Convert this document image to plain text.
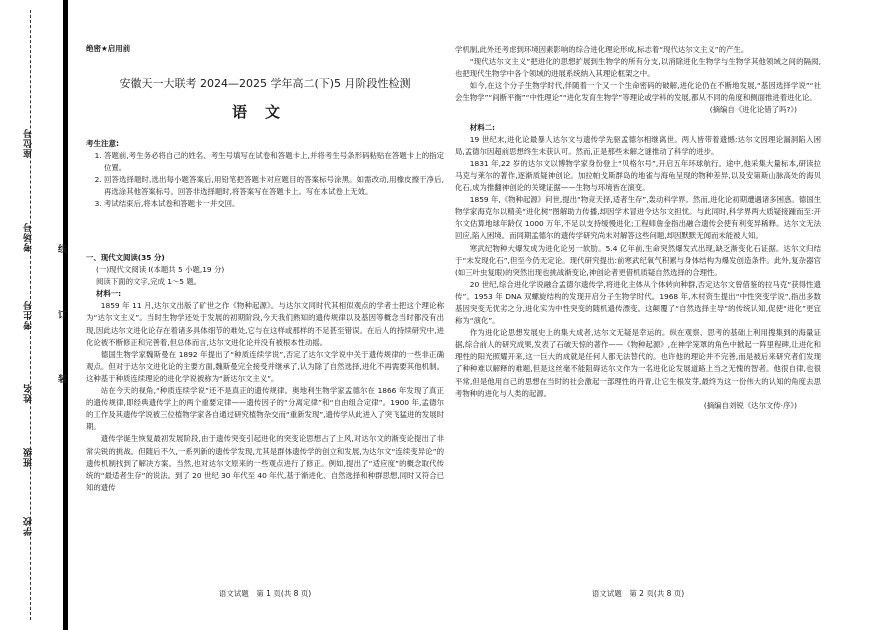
座位号
考场号
考生号
姓名
班级
学校
线
订
装
绝密★启用前
安徽天一大联考 2024—2025 学年高二(下)5 月阶段性检测
语文
考生注意:
1. 答题前,考生务必将自己的姓名、考生号填写在试卷和答题卡上,并将考生号条形码粘贴在答题卡上的指定位置。
2. 回答选择题时,选出每小题答案后,用铅笔把答题卡对应题目的答案标号涂黑。如需改动,用橡皮擦干净后,再选涂其他答案标号。回答非选择题时,将答案写在答题卡上。写在本试卷上无效。
3. 考试结束后,将本试卷和答题卡一并交回。

一、现代文阅读(35 分)

(一)现代文阅读 I(本题共 5 小题,19 分)

阅读下面的文字,完成 1～5 题。

材料一:

1859 年 11 月,达尔文出版了矿世之作《物种起源》。与达尔文同时代其相似观点的学者士把这个理论称为“达尔文主义”。当时生物学还处于发展的初期阶段,今天我们熟知的遗传规律以及基因等概念当时都没有出现,因此达尔文进化论存在着诸多具体细节的难处,它与在这样或那样的不足甚至错误。在后人的持续研究中,进化论被不断修正和完善着,但总体而言,达尔文进化论并没有被根本性动摇。

德国生物学家魏斯曼在 1892 年提出了“种质连续学说”,否定了达尔文学说中关于遗传规律的一些非正确观点。但对于达尔文进化论的主要方面,魏斯曼完全接受并继承了,认为除了自然选择,进化不再需要其他机制。这种基于种质连续理论的进化学说被称为“新达尔文主义”。

站在今天的视角,“种质连续学说”还不是真正的遗传规律。奥地利生物学家孟德尔在 1866 年发现了真正的遗传规律,即经典遗传学上的两个重要定律——遗传因子的“分离定律”和“自由组合定律”。1900 年,孟德尔的工作及其遗传学说被三位植物学家各自通过研究植物杂交而“重新发现”,遗传学从此进入了突飞猛进的发展时期。

遗传学诞生恢复最初发展阶段,由于遗传突变引起进化的突变论思想占了上风,对达尔文的渐变论提出了非常尖锐的挑战。但随后不久,一系列新的遗传学发现,尤其是群体遗传学的创立和发展,为达尔文“连续变异论”的遗传机制找到了解决方案。当然,也对达尔文原来的一些观点进行了修正。例如,提出了“适应度”的概念取代传统的“最适者生存”的说法。到了 20 世纪 30 年代至 40 年代,基于渐进化、自然选择和种群思想,同时又符合已知的遗传

语文试题　第 1 页(共 8 页)

学机制,此外还考虑到环境因素影响的综合进化理论形成,标志着“现代达尔文主义”的产生。

“现代达尔文主义”把进化的思想扩展到生物学的所有分支,以消除进化生物学与生物学其他领域之间的隔阂,也把现代生物学中各个领域的进展系统纳入其理论框架之中。

如今,在这个分子生物学时代,伴随着一个又一个生命密码的破解,进化论仍在不断地发展,“基因选择学说”“社会生物学”“间断平衡”“中性理论”“进化发育生物学”等理论或学科的发展,都从不同的角度和侧面推进着进化论。

(摘编自《进化论错了吗?》)

材料二:

19 世纪末,进化论最暴人达尔文与遗传学先驱孟德尔相继离世。两人皆带着遗憾:达尔文因理论漏洞陷入困局,孟德尔因超前思想终生未获认可。然而,正是那些未解之谜推动了科学的进步。

1831 年,22 岁的达尔文以博物学家身份登上“贝格尔号”,开启五年环球航行。途中,他采集大量标本,研读拉马克与莱尔的著作,逐渐质疑神创论。加拉帕戈斯群岛的地雀与海龟呈现的物种差异,以及安第斯山脉高处的海贝化石,成为推翻神创论的关键证据——生物与环境皆在演变。

1859 年,《物种起源》问世,提出“物竞天择,适者生存”,轰动科学界。然而,进化论初期遭遇诸多困惑。德国生物学家海克尔以精美“进化树”图解助力传播,却因学术冒进令达尔文担忧。与此同时,科学界两大质疑接踵而至:开尔文估算地球年龄仅 1000 万年,不足以支持缓慢进化;工程师詹金指出融合遗传会使有利变异稀释。达尔文无法回应,陷入困境。而同期孟德尔的遗传学研究尚未对解答这些问题,却因默默无闻而未能被人知。

寒武纪物种大爆发成为进化论另一软肋。5.4 亿年前,生命突然爆发式出现,缺乏渐变化石证据。达尔文归结于“未发现化石”,但至今仍无定论。现代研究提出:前寒武纪氧气积累与身体结构为爆发创造条件。此外,复杂器官(如三叶虫复眼)的突然出现也挑战渐变论,神创论者更借机质疑自然选择的合理性。

20 世纪,综合进化学说融合孟德尔遗传学,将进化主体从个体转向种群,否定达尔文曾借鉴的拉马克“获得性遗传”。1953 年 DNA 双螺旋结构的发现开启分子生物学时代。1968 年,木村资生提出“中性突变学说”,指出多数基因突变无优劣之分,进化实为中性突变的随机遗传漂变。这颠覆了“自然选择主导”的传统认知,促使“进化”更宜称为“演化”。

作为进化论思想发展史上的集大成者,达尔文无疑是幸运的。纵在观察、思考的基础上利用搜集到的海量证据,综合前人的研究成果,发表了石破天惊的著作——《物种起源》,在神学笼罩的角色中掀起一阵里程碑,让进化和理性的阳光照耀开来,这一巨大的成就是任何人都无法替代的。也许他的理论并不完善,而是被后来研究者们发现了种种难以解释的难题,但是这丝毫不能阻碍达尔文作为一名进化论发展道路上当之无愧的智者。他很自律,也很平常,但是他用自己的思想在当时的社会激起一部理性的丹青,让它生根发芽,最终为这一份伟大的认知的角度去思考物种的进化与人类的起源。

(摘编自刘锐《达尔文传·序》)

语文试题　第 2 页(共 8 页)
